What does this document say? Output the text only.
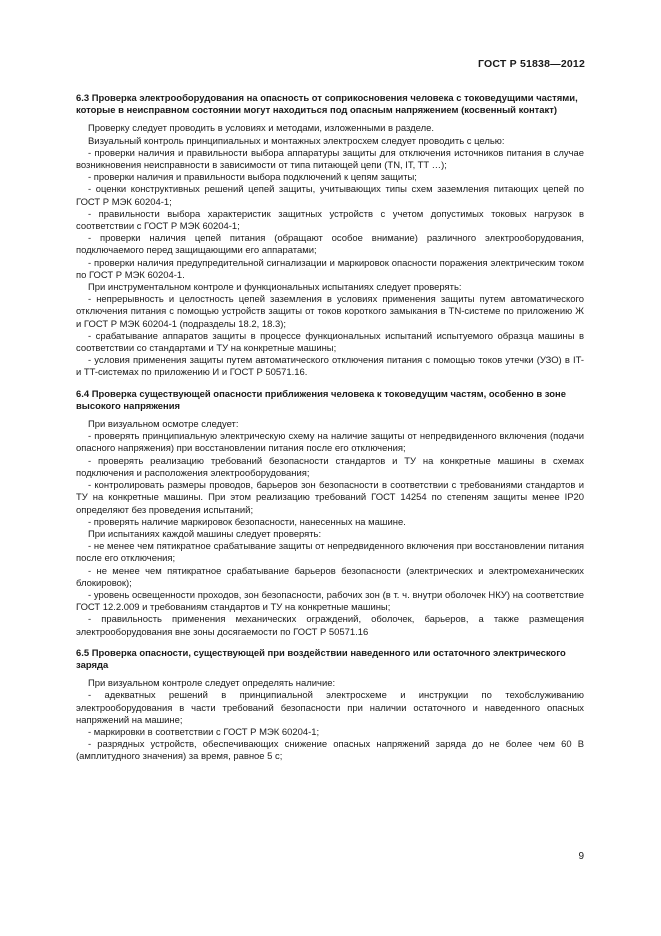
ГОСТ Р 51838—2012
6.3 Проверка электрооборудования на опасность от соприкосновения человека с токоведущими частями, которые в неисправном состоянии могут находиться под опасным напряжением (косвенный контакт)

Проверку следует проводить в условиях и методами, изложенными в разделе.

Визуальный контроль принципиальных и монтажных электросхем следует проводить с целью:

- проверки наличия и правильности выбора аппаратуры защиты для отключения источников питания в случае возникновения неисправности в зависимости от типа питающей цепи (TN, IT, TT …);

- проверки наличия и правильности выбора подключений к цепям защиты;

- оценки конструктивных решений цепей защиты, учитывающих типы схем заземления питающих цепей по ГОСТ Р МЭК 60204-1;

- правильности выбора характеристик защитных устройств с учетом допустимых токовых нагрузок в соответствии с ГОСТ Р МЭК 60204-1;

- проверки наличия цепей питания (обращают особое внимание) различного электрооборудования, подключаемого перед защищающими его аппаратами;

- проверки наличия предупредительной сигнализации и маркировок опасности поражения электрическим током по ГОСТ Р МЭК 60204-1.

При инструментальном контроле и функциональных испытаниях следует проверять:

- непрерывность и целостность цепей заземления в условиях применения защиты путем автоматического отключения питания с помощью устройств защиты от токов короткого замыкания в TN-системе по приложению Ж и ГОСТ Р МЭК 60204-1 (подразделы 18.2, 18.3);

- срабатывание аппаратов защиты в процессе функциональных испытаний испытуемого образца машины в соответствии со стандартами и ТУ на конкретные машины;

- условия применения защиты путем автоматического отключения питания с помощью токов утечки (УЗО) в IT- и TT-системах по приложению И и ГОСТ Р 50571.16.

6.4 Проверка существующей опасности приближения человека к токоведущим частям, особенно в зоне высокого напряжения

При визуальном осмотре следует:

- проверять принципиальную электрическую схему на наличие защиты от непредвиденного включения (подачи опасного напряжения) при восстановлении питания после его отключения;

- проверять реализацию требований безопасности стандартов и ТУ на конкретные машины в схемах подключения и расположения электрооборудования;

- контролировать размеры проводов, барьеров зон безопасности в соответствии с требованиями стандартов и ТУ на конкретные машины. При этом реализацию требований ГОСТ 14254 по степеням защиты менее IP20 определяют без проведения испытаний;

- проверять наличие маркировок безопасности, нанесенных на машине.

При испытаниях каждой машины следует проверять:

- не менее чем пятикратное срабатывание защиты от непредвиденного включения при восстановлении питания после его отключения;

- не менее чем пятикратное срабатывание барьеров безопасности (электрических и электромеханических блокировок);

- уровень освещенности проходов, зон безопасности, рабочих зон (в т. ч. внутри оболочек НКУ) на соответствие ГОСТ 12.2.009 и требованиям стандартов и ТУ на конкретные машины;

- правильность применения механических ограждений, оболочек, барьеров, а также размещения электрооборудования вне зоны досягаемости по ГОСТ Р 50571.16

6.5 Проверка опасности, существующей при воздействии наведенного или остаточного электрического заряда

При визуальном контроле следует определять наличие:

- адекватных решений в принципиальной электросхеме и инструкции по техобслуживанию электрооборудования в части требований безопасности при наличии остаточного и наведенного опасных напряжений на машине;

- маркировки в соответствии с ГОСТ Р МЭК 60204-1;

- разрядных устройств, обеспечивающих снижение опасных напряжений заряда до не более чем 60 В (амплитудного значения) за время, равное 5 с;

9
